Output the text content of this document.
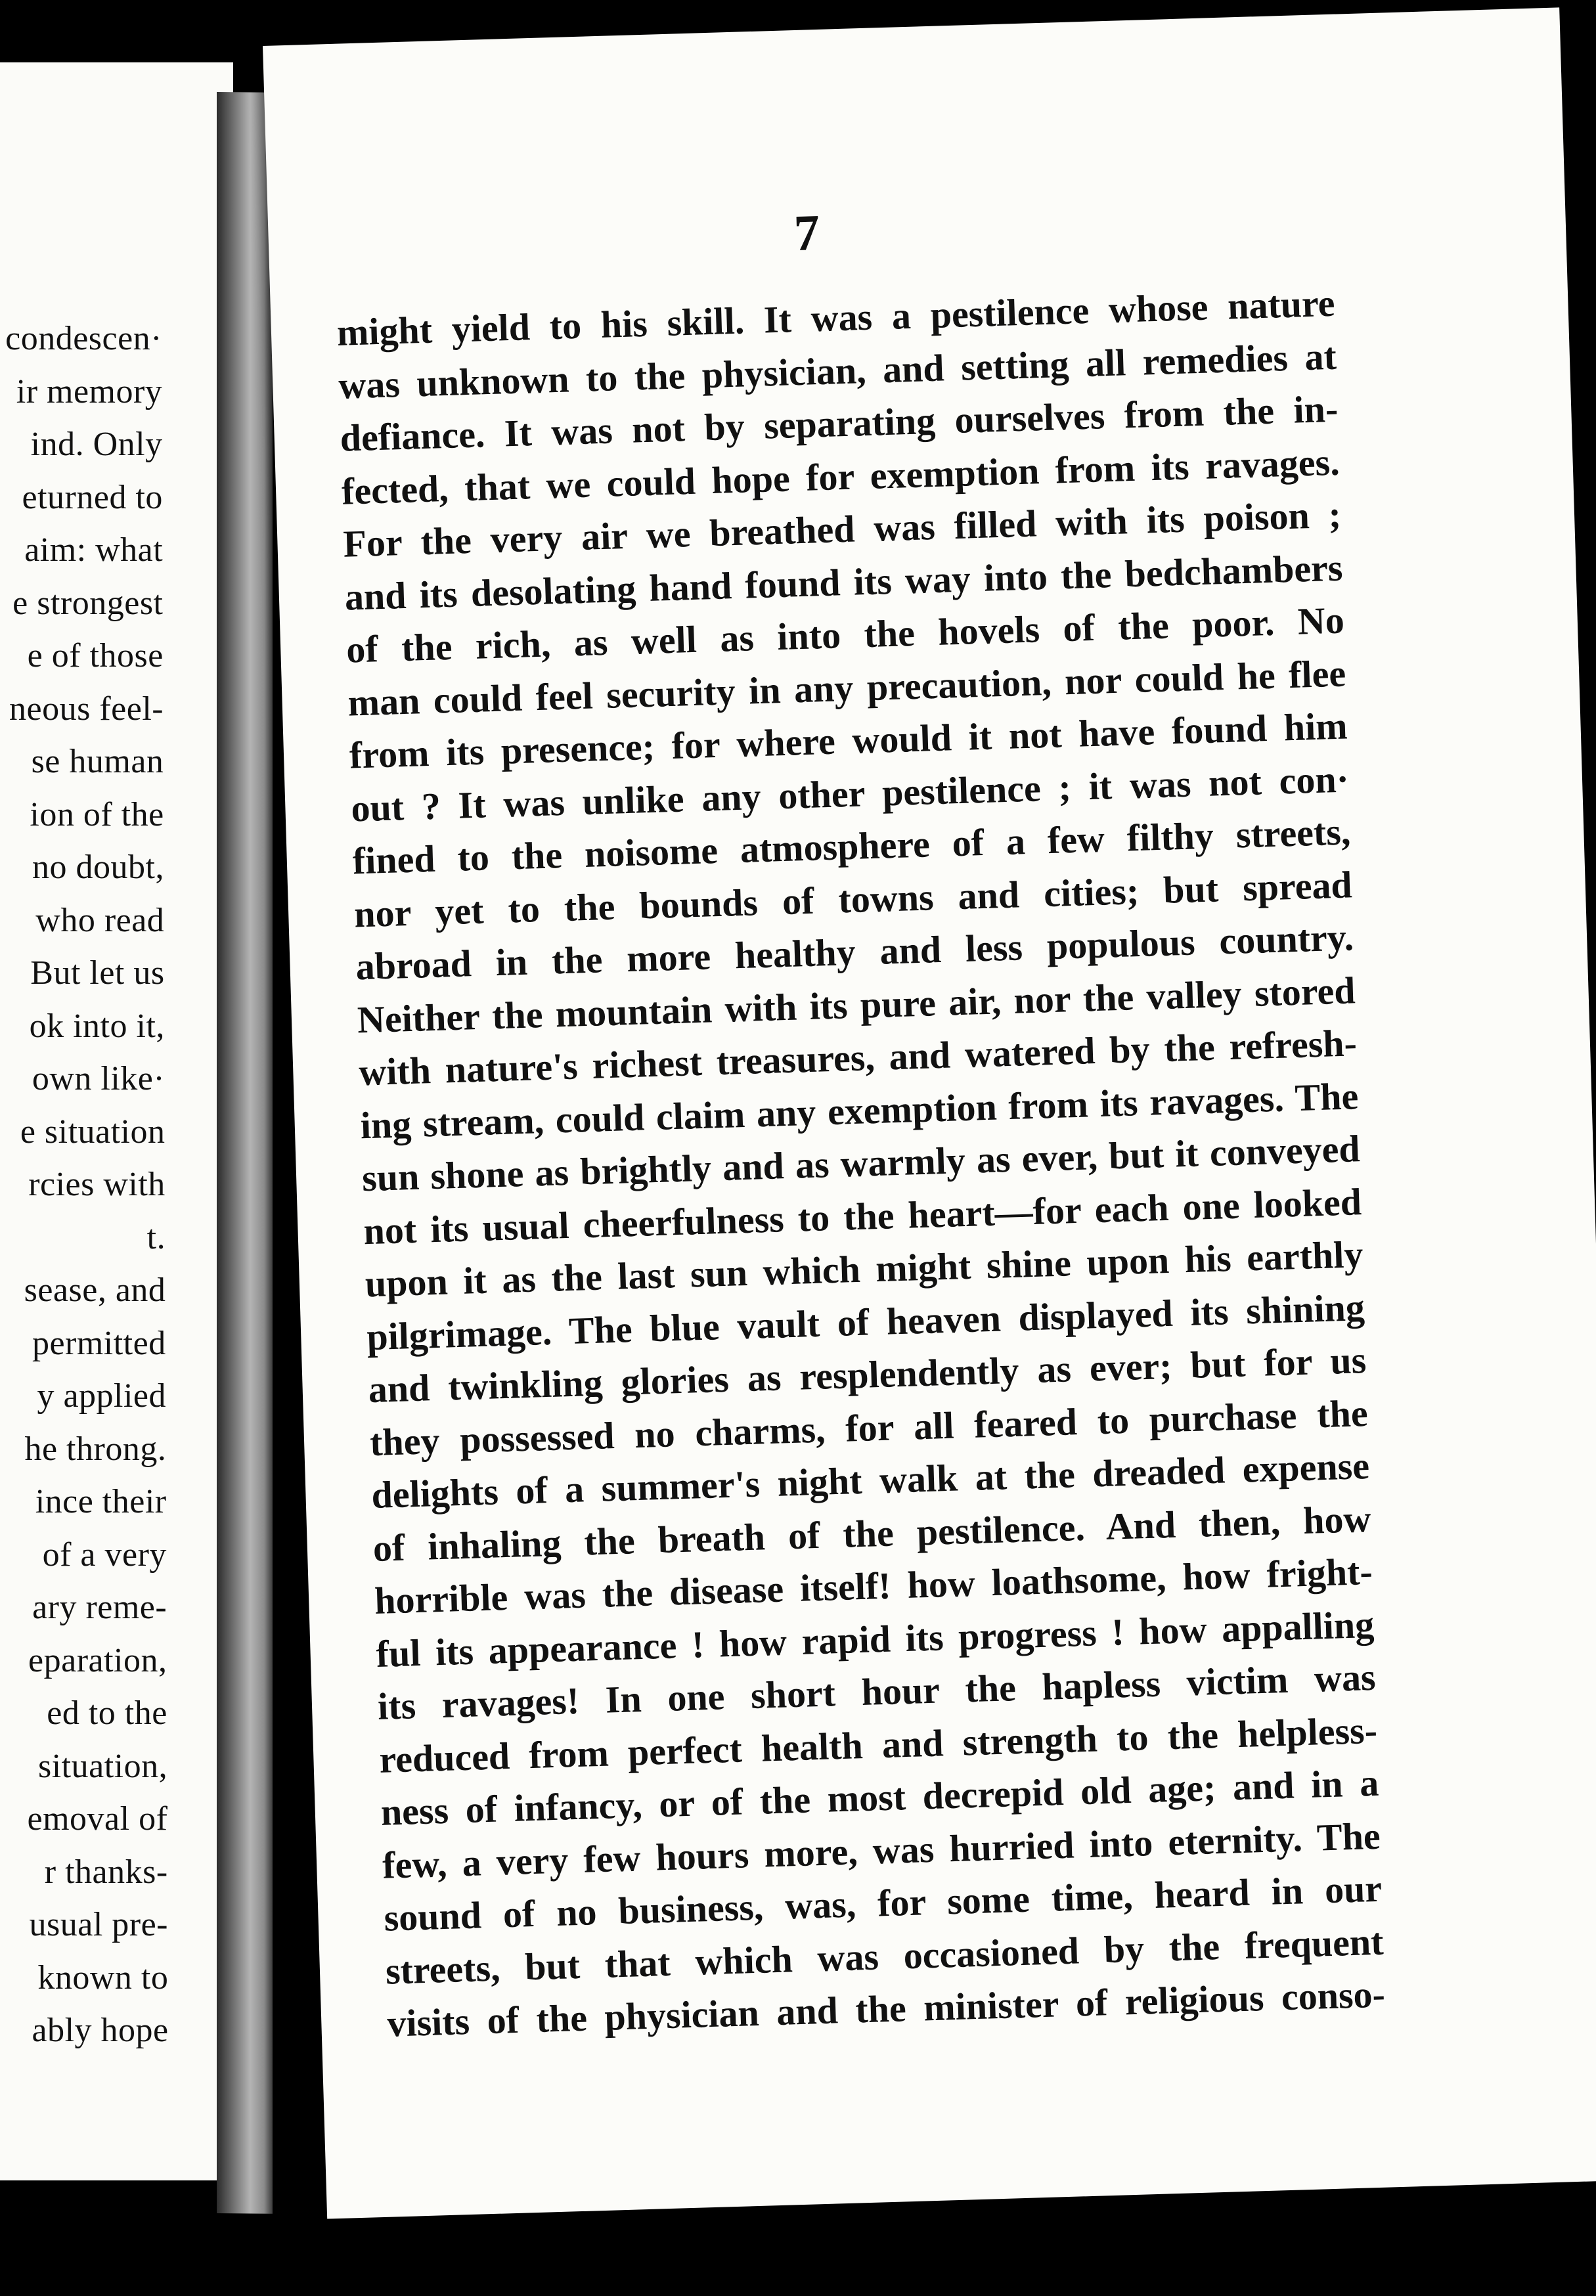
condescen·
ir memory
ind. Only
eturned to
aim: what
e strongest
e of those
neous feel-
se human
ion of the
no doubt,
who read
But let us
ok into it,
own like·
e situation
rcies with
t.
sease, and
permitted
y applied
he throng.
ince their
of a very
ary reme-
eparation,
ed to the
situation,
emoval of
r thanks-
usual pre-
known to
ably hope
7
might yield to his skill. It was a pestilence whose nature
was unknown to the physician, and setting all remedies at
defiance. It was not by separating ourselves from the in-
fected, that we could hope for exemption from its ravages.
For the very air we breathed was filled with its poison ;
and its desolating hand found its way into the bedchambers
of the rich, as well as into the hovels of the poor. No
man could feel security in any precaution, nor could he flee
from its presence; for where would it not have found him
out ? It was unlike any other pestilence ; it was not con·
fined to the noisome atmosphere of a few filthy streets,
nor yet to the bounds of towns and cities; but spread
abroad in the more healthy and less populous country.
Neither the mountain with its pure air, nor the valley stored
with nature's richest treasures, and watered by the refresh-
ing stream, could claim any exemption from its ravages. The
sun shone as brightly and as warmly as ever, but it conveyed
not its usual cheerfulness to the heart—for each one looked
upon it as the last sun which might shine upon his earthly
pilgrimage. The blue vault of heaven displayed its shining
and twinkling glories as resplendently as ever; but for us
they possessed no charms, for all feared to purchase the
delights of a summer's night walk at the dreaded expense
of inhaling the breath of the pestilence. And then, how
horrible was the disease itself! how loathsome, how fright-
ful its appearance ! how rapid its progress ! how appalling
its ravages! In one short hour the hapless victim was
reduced from perfect health and strength to the helpless-
ness of infancy, or of the most decrepid old age; and in a
few, a very few hours more, was hurried into eternity. The
sound of no business, was, for some time, heard in our
streets, but that which was occasioned by the frequent
visits of the physician and the minister of religious conso-
